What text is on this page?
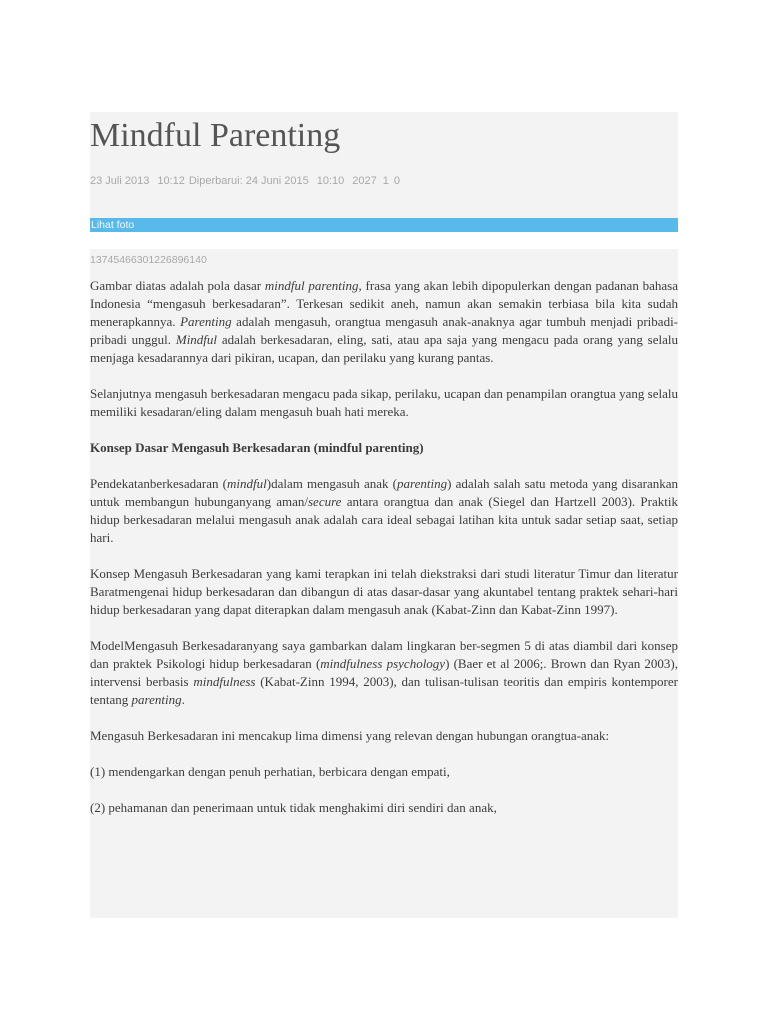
Mindful Parenting
23 Juli 2013 10:12 Diperbarui: 24 Juni 2015 10:10 2027 1 0
Lihat foto
13745466301226896140

Gambar diatas adalah pola dasar mindful parenting, frasa yang akan lebih dipopulerkan dengan padanan bahasa Indonesia “mengasuh berkesadaran”. Terkesan sedikit aneh, namun akan semakin terbiasa bila kita sudah menerapkannya. Parenting adalah mengasuh, orangtua mengasuh anak-anaknya agar tumbuh menjadi pribadi-pribadi unggul. Mindful adalah berkesadaran, eling, sati, atau apa saja yang mengacu pada orang yang selalu menjaga kesadarannya dari pikiran, ucapan, dan perilaku yang kurang pantas.

Selanjutnya mengasuh berkesadaran mengacu pada sikap, perilaku, ucapan dan penampilan orangtua yang selalu memiliki kesadaran/eling dalam mengasuh buah hati mereka.

Konsep Dasar Mengasuh Berkesadaran (mindful parenting)

Pendekatanberkesadaran (mindful)dalam mengasuh anak (parenting) adalah salah satu metoda yang disarankan untuk membangun hubunganyang aman/secure antara orangtua dan anak (Siegel dan Hartzell 2003). Praktik hidup berkesadaran melalui mengasuh anak adalah cara ideal sebagai latihan kita untuk sadar setiap saat, setiap hari.

Konsep Mengasuh Berkesadaran yang kami terapkan ini telah diekstraksi dari studi literatur Timur dan literatur Baratmengenai hidup berkesadaran dan dibangun di atas dasar-dasar yang akuntabel tentang praktek sehari-hari hidup berkesadaran yang dapat diterapkan dalam mengasuh anak (Kabat-Zinn dan Kabat-Zinn 1997).

ModelMengasuh Berkesadaranyang saya gambarkan dalam lingkaran ber-segmen 5 di atas diambil dari konsep dan praktek Psikologi hidup berkesadaran (mindfulness psychology) (Baer et al 2006;. Brown dan Ryan 2003), intervensi berbasis mindfulness (Kabat-Zinn 1994, 2003), dan tulisan-tulisan teoritis dan empiris kontemporer tentang parenting.

Mengasuh Berkesadaran ini mencakup lima dimensi yang relevan dengan hubungan orangtua-anak:

(1) mendengarkan dengan penuh perhatian, berbicara dengan empati,

(2) pehamanan dan penerimaan untuk tidak menghakimi diri sendiri dan anak,
